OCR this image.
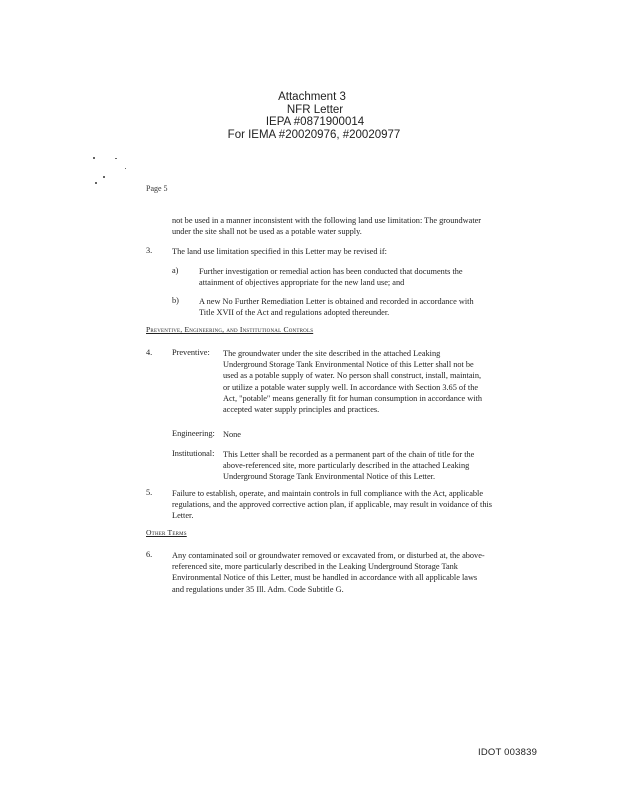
Attachment 3
NFR Letter
IEPA #0871900014
For IEMA #20020976, #20020977
Page 5
not be used in a manner inconsistent with the following land use limitation: The groundwater under the site shall not be used as a potable water supply.
3. The land use limitation specified in this Letter may be revised if:
a) Further investigation or remedial action has been conducted that documents the attainment of objectives appropriate for the new land use; and
b) A new No Further Remediation Letter is obtained and recorded in accordance with Title XVII of the Act and regulations adopted thereunder.
Preventive, Engineering, and Institutional Controls
4. Preventive: The groundwater under the site described in the attached Leaking Underground Storage Tank Environmental Notice of this Letter shall not be used as a potable supply of water. No person shall construct, install, maintain, or utilize a potable water supply well. In accordance with Section 3.65 of the Act, "potable" means generally fit for human consumption in accordance with accepted water supply principles and practices.
Engineering: None
Institutional: This Letter shall be recorded as a permanent part of the chain of title for the above-referenced site, more particularly described in the attached Leaking Underground Storage Tank Environmental Notice of this Letter.
5. Failure to establish, operate, and maintain controls in full compliance with the Act, applicable regulations, and the approved corrective action plan, if applicable, may result in voidance of this Letter.
Other Terms
6. Any contaminated soil or groundwater removed or excavated from, or disturbed at, the above-referenced site, more particularly described in the Leaking Underground Storage Tank Environmental Notice of this Letter, must be handled in accordance with all applicable laws and regulations under 35 Ill. Adm. Code Subtitle G.
IDOT 003839
